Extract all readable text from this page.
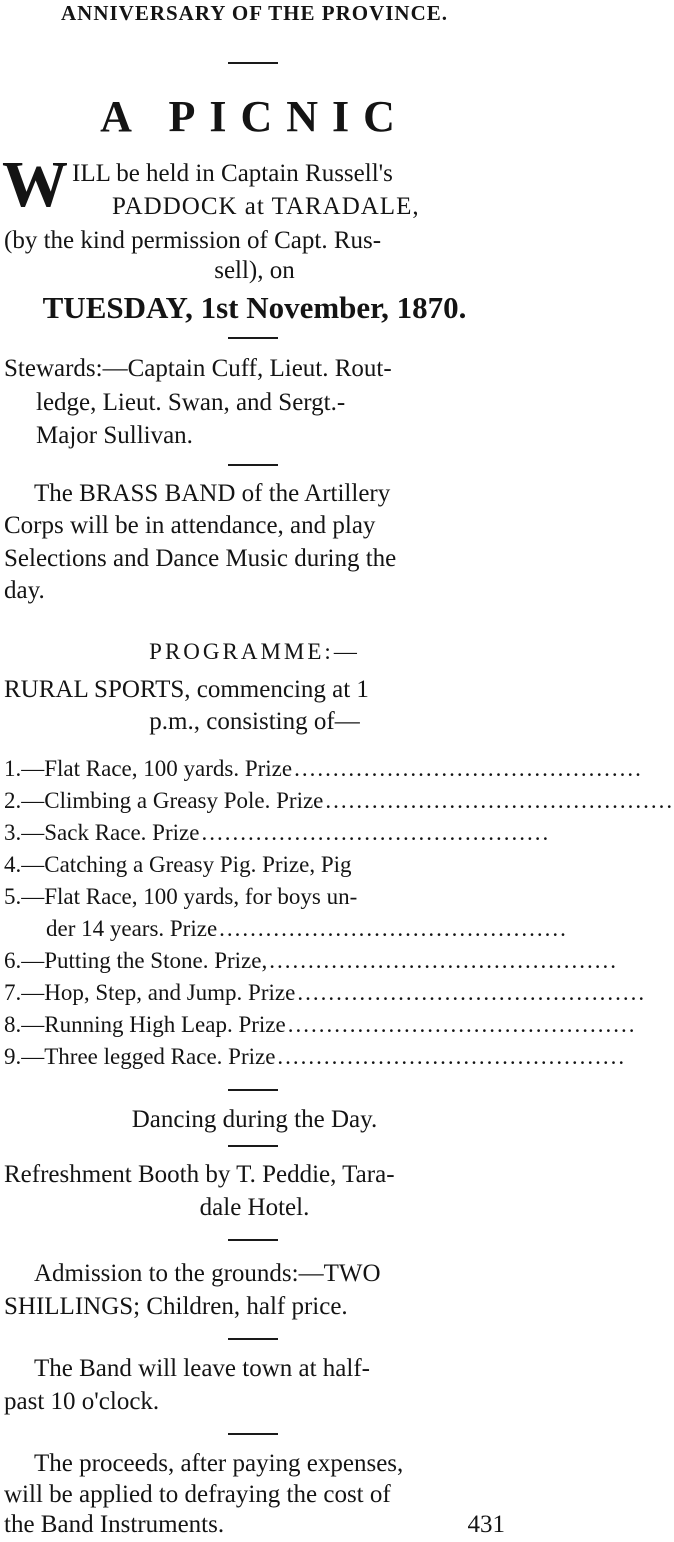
ANNIVERSARY OF THE PROVINCE.
A PICNIC
W ILL be held in Captain Russell's
PADDOCK at TARADALE,
(by the kind permission of Capt. Rus-
sell), on
TUESDAY, 1st November, 1870.
Stewards:—Captain Cuff, Lieut. Rout-
ledge, Lieut. Swan, and Sergt.-
Major Sullivan.
The BRASS BAND of the Artillery
Corps will be in attendance, and play
Selections and Dance Music during the
day.
PROGRAMME:—
RURAL SPORTS, commencing at 1
p.m., consisting of—
1.—Flat Race, 100 yards. Prize .............................................
2.—Climbing a Greasy Pole. Prize .............................................
3.—Sack Race. Prize .............................................
4.—Catching a Greasy Pig. Prize, Pig
5.—Flat Race, 100 yards, for boys un-
der 14 years. Prize .............................................
6.—Putting the Stone. Prize, .............................................
7.—Hop, Step, and Jump. Prize .............................................
8.—Running High Leap. Prize .............................................
9.—Three legged Race. Prize .............................................
Dancing during the Day.
Refreshment Booth by T. Peddie, Tara-
dale Hotel.
Admission to the grounds:—TWO
SHILLINGS; Children, half price.
The Band will leave town at half-
past 10 o'clock.
The proceeds, after paying expenses,
will be applied to defraying the cost of
the Band Instruments.	431
